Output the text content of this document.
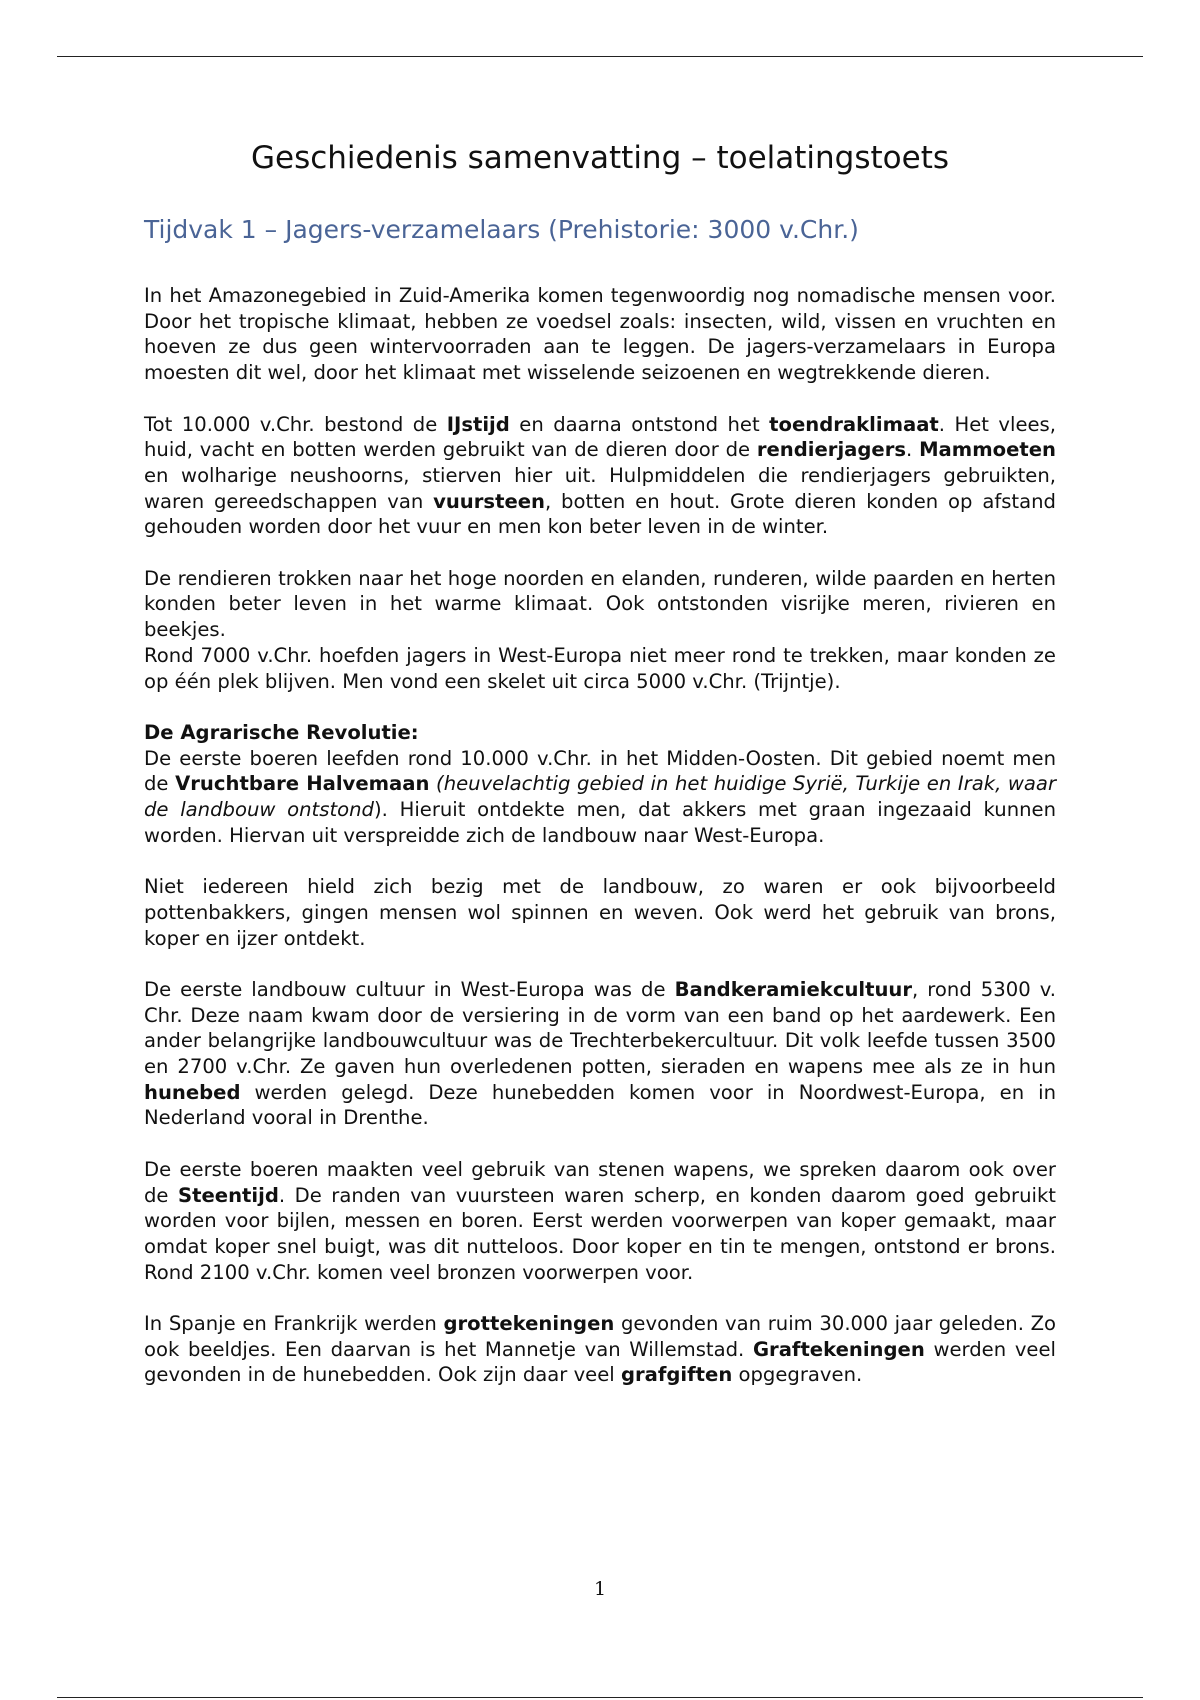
Geschiedenis samenvatting – toelatingstoets
Tijdvak 1 – Jagers-verzamelaars (Prehistorie: 3000 v.Chr.)

In het Amazonegebied in Zuid-Amerika komen tegenwoordig nog nomadische mensen voor. Door het tropische klimaat, hebben ze voedsel zoals: insecten, wild, vissen en vruchten en hoeven ze dus geen wintervoorraden aan te leggen. De jagers-verzamelaars in Europa moesten dit wel, door het klimaat met wisselende seizoenen en wegtrekkende dieren.

Tot 10.000 v.Chr. bestond de IJstijd en daarna ontstond het toendraklimaat. Het vlees, huid, vacht en botten werden gebruikt van de dieren door de rendierjagers. Mammoeten en wolharige neushoorns, stierven hier uit. Hulpmiddelen die rendierjagers gebruikten, waren gereedschappen van vuursteen, botten en hout. Grote dieren konden op afstand gehouden worden door het vuur en men kon beter leven in de winter.

De rendieren trokken naar het hoge noorden en elanden, runderen, wilde paarden en herten konden beter leven in het warme klimaat. Ook ontstonden visrijke meren, rivieren en beekjes.

Rond 7000 v.Chr. hoefden jagers in West-Europa niet meer rond te trekken, maar konden ze op één plek blijven. Men vond een skelet uit circa 5000 v.Chr. (Trijntje).

De Agrarische Revolutie:

De eerste boeren leefden rond 10.000 v.Chr. in het Midden-Oosten. Dit gebied noemt men de Vruchtbare Halvemaan (heuvelachtig gebied in het huidige Syrië, Turkije en Irak, waar de landbouw ontstond). Hieruit ontdekte men, dat akkers met graan ingezaaid kunnen worden. Hiervan uit verspreidde zich de landbouw naar West-Europa.

Niet iedereen hield zich bezig met de landbouw, zo waren er ook bijvoorbeeld pottenbakkers, gingen mensen wol spinnen en weven. Ook werd het gebruik van brons, koper en ijzer ontdekt.

De eerste landbouw cultuur in West-Europa was de Bandkeramiekcultuur, rond 5300 v. Chr. Deze naam kwam door de versiering in de vorm van een band op het aardewerk. Een ander belangrijke landbouwcultuur was de Trechterbekercultuur. Dit volk leefde tussen 3500 en 2700 v.Chr. Ze gaven hun overledenen potten, sieraden en wapens mee als ze in hun hunebed werden gelegd. Deze hunebedden komen voor in Noordwest-Europa, en in Nederland vooral in Drenthe.

De eerste boeren maakten veel gebruik van stenen wapens, we spreken daarom ook over de Steentijd. De randen van vuursteen waren scherp, en konden daarom goed gebruikt worden voor bijlen, messen en boren. Eerst werden voorwerpen van koper gemaakt, maar omdat koper snel buigt, was dit nutteloos. Door koper en tin te mengen, ontstond er brons. Rond 2100 v.Chr. komen veel bronzen voorwerpen voor.

In Spanje en Frankrijk werden grottekeningen gevonden van ruim 30.000 jaar geleden. Zo ook beeldjes. Een daarvan is het Mannetje van Willemstad. Graftekeningen werden veel gevonden in de hunebedden. Ook zijn daar veel grafgiften opgegraven.

1
